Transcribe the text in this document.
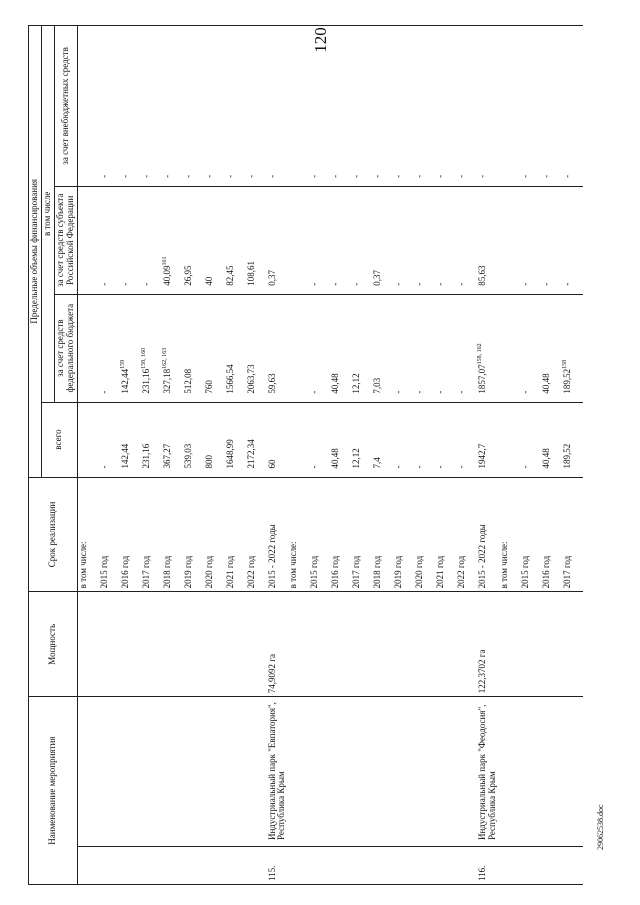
120
29062538.doc
Наименование мероприятия		Мощность	Срок реализации	Предельные объемы финансирования			
				всего	в том числе		
					за счет средств федерального бюджета	за счет средств субъекта Российской Федерации	за счет внебюджетных средств
			в том числе:				
			2015 год	-	-	-	-
			2016 год	142,44	142,44$^{159}$	-	-
			2017 год	231,16	231,16$^{158, 160}$	-	-
			2018 год	367,27	327,18$^{162, 163}$	40,09$^{161}$	-
			2019 год	539,03	512,08	26,95	-
			2020 год	800	760	40	-
			2021 год	1648,99	1566,54	82,45	-
			2022 год	2172,34	2063,73	108,61	-
115.	Индустриальный парк "Евпатория", Республика Крым	74,9092 га	2015 - 2022 годы	60	59,63	0,37	-
			в том числе:				
			2015 год	-	-	-	-
			2016 год	40,48	40,48	-	-
			2017 год	12,12	12,12	-	-
			2018 год	7,4	7,03	0,37	-
			2019 год	-	-	-	-
			2020 год	-	-	-	-
			2021 год	-	-	-	-
			2022 год	-	-	-	-
116.	Индустриальный парк "Феодосия", Республика Крым	122,3702 га	2015 - 2022 годы	1942,7	1857,07$^{158, 162}$	85,63	-
			в том числе:				
			2015 год	-	-	-	-
			2016 год	40,48	40,48	-	-
			2017 год	189,52	189,52$^{158}$	-	-
